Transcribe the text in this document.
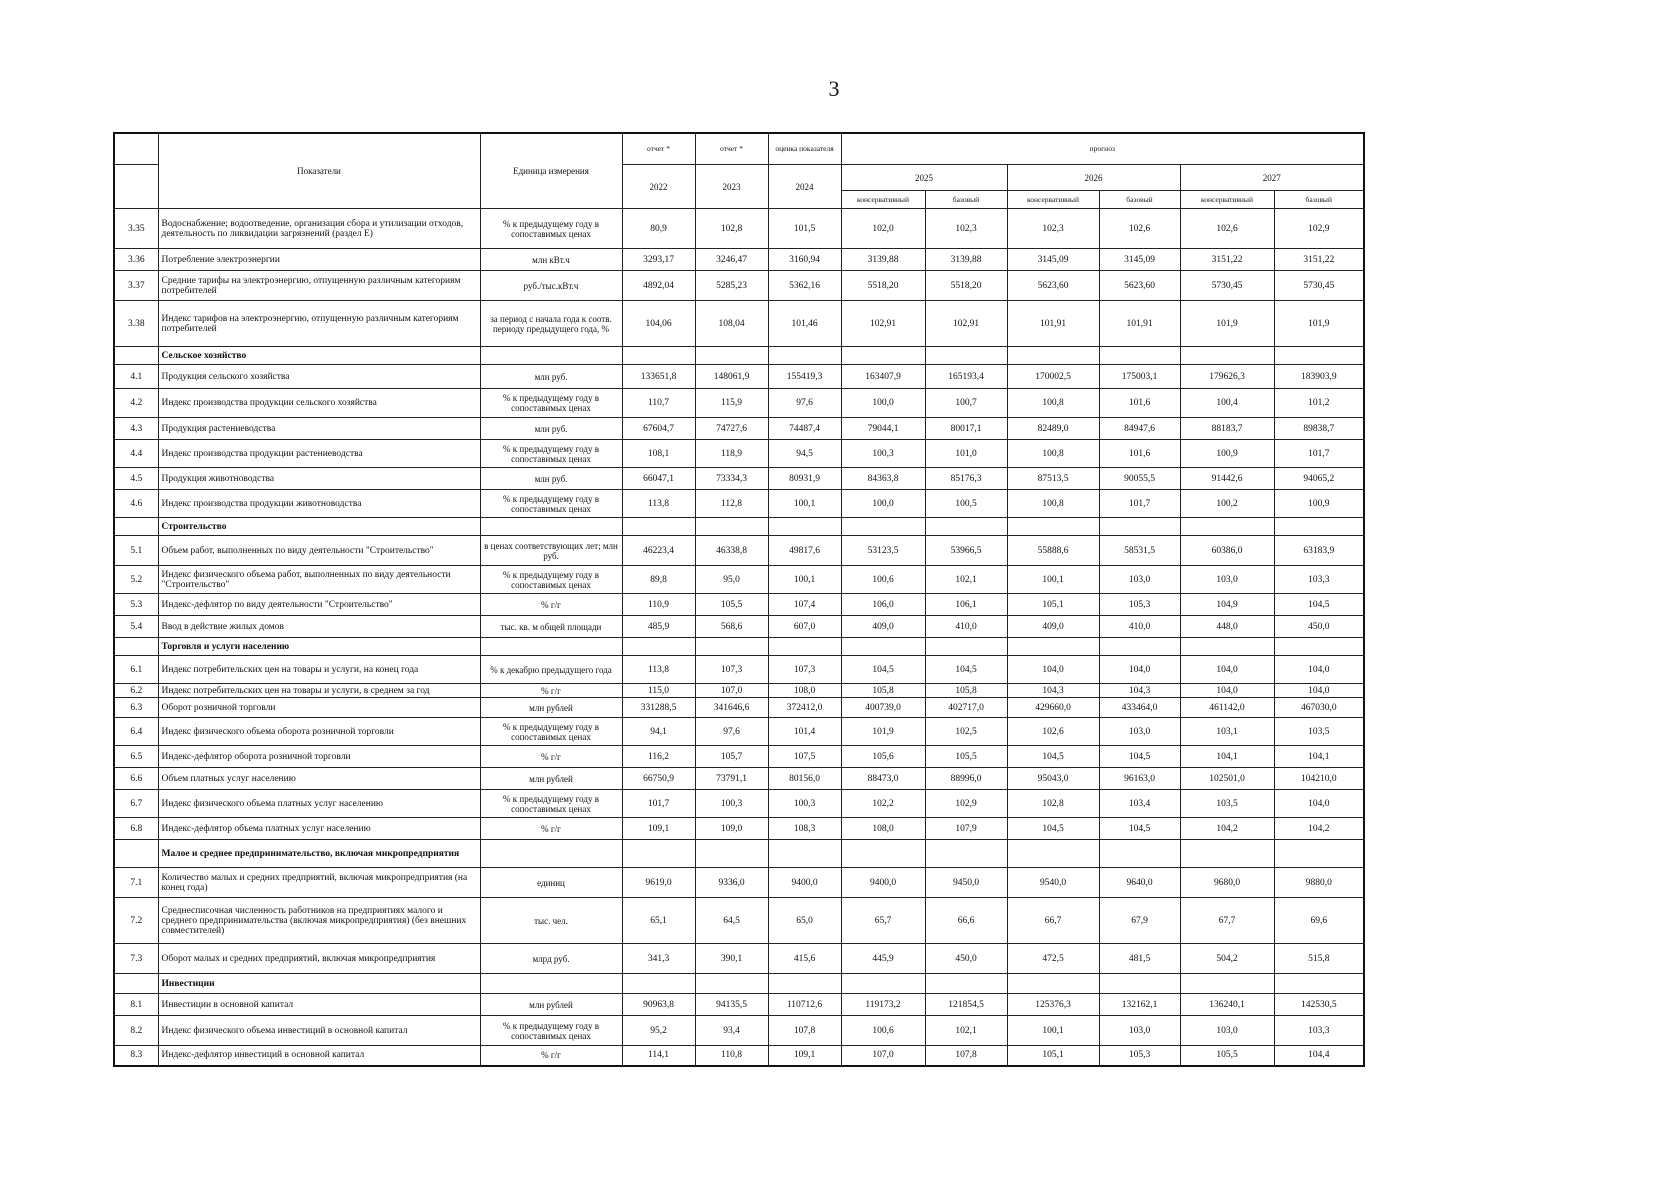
3
	Показатели	Единица измерения	отчет *	отчет *	оценка показателя	прогноз					
			2022	2023	2024	2025		2026		2027	
						консервативный	базовый	консервативный	базовый	консервативный	базовый
3.35	Водоснабжение; водоотведение, организация сбора и утилизации отходов, деятельность по ликвидации загрязнений (раздел Е)	% к предыдущему году в сопоставимых ценах	80,9	102,8	101,5	102,0	102,3	102,3	102,6	102,6	102,9
3.36	Потребление электроэнергии	млн кВт.ч	3293,17	3246,47	3160,94	3139,88	3139,88	3145,09	3145,09	3151,22	3151,22
3.37	Средние тарифы на электроэнергию, отпущенную различным категориям потребителей	руб./тыс.кВт.ч	4892,04	5285,23	5362,16	5518,20	5518,20	5623,60	5623,60	5730,45	5730,45
3.38	Индекс тарифов на электроэнергию, отпущенную различным категориям потребителей	за период с начала года к соотв. периоду предыдущего года, %	104,06	108,04	101,46	102,91	102,91	101,91	101,91	101,9	101,9
	Сельское хозяйство										
4.1	Продукция сельского хозяйства	млн руб.	133651,8	148061,9	155419,3	163407,9	165193,4	170002,5	175003,1	179626,3	183903,9
4.2	Индекс производства продукции сельского хозяйства	% к предыдущему году в сопоставимых ценах	110,7	115,9	97,6	100,0	100,7	100,8	101,6	100,4	101,2
4.3	Продукция растениеводства	млн руб.	67604,7	74727,6	74487,4	79044,1	80017,1	82489,0	84947,6	88183,7	89838,7
4.4	Индекс производства продукции растениеводства	% к предыдущему году в сопоставимых ценах	108,1	118,9	94,5	100,3	101,0	100,8	101,6	100,9	101,7
4.5	Продукция животноводства	млн руб.	66047,1	73334,3	80931,9	84363,8	85176,3	87513,5	90055,5	91442,6	94065,2
4.6	Индекс производства продукции животноводства	% к предыдущему году в сопоставимых ценах	113,8	112,8	100,1	100,0	100,5	100,8	101,7	100,2	100,9
	Строительство										
5.1	Объем работ, выполненных по виду деятельности "Строительство"	в ценах соответствующих лет; млн руб.	46223,4	46338,8	49817,6	53123,5	53966,5	55888,6	58531,5	60386,0	63183,9
5.2	Индекс физического объема работ, выполненных по виду деятельности "Строительство"	% к предыдущему году в сопоставимых ценах	89,8	95,0	100,1	100,6	102,1	100,1	103,0	103,0	103,3
5.3	Индекс-дефлятор по виду деятельности "Строительство"	% г/г	110,9	105,5	107,4	106,0	106,1	105,1	105,3	104,9	104,5
5.4	Ввод в действие жилых домов	тыс. кв. м общей площади	485,9	568,6	607,0	409,0	410,0	409,0	410,0	448,0	450,0
	Торговля и услуги населению										
6.1	Индекс потребительских цен на товары и услуги, на конец года	% к декабрю предыдущего года	113,8	107,3	107,3	104,5	104,5	104,0	104,0	104,0	104,0
6.2	Индекс потребительских цен на товары и услуги, в среднем за год	% г/г	115,0	107,0	108,0	105,8	105,8	104,3	104,3	104,0	104,0
6.3	Оборот розничной торговли	млн рублей	331288,5	341646,6	372412,0	400739,0	402717,0	429660,0	433464,0	461142,0	467030,0
6.4	Индекс физического объема оборота розничной торговли	% к предыдущему году в сопоставимых ценах	94,1	97,6	101,4	101,9	102,5	102,6	103,0	103,1	103,5
6.5	Индекс-дефлятор оборота розничной торговли	% г/г	116,2	105,7	107,5	105,6	105,5	104,5	104,5	104,1	104,1
6.6	Объем платных услуг населению	млн рублей	66750,9	73791,1	80156,0	88473,0	88996,0	95043,0	96163,0	102501,0	104210,0
6.7	Индекс физического объема платных услуг населению	% к предыдущему году в сопоставимых ценах	101,7	100,3	100,3	102,2	102,9	102,8	103,4	103,5	104,0
6.8	Индекс-дефлятор объема платных услуг населению	% г/г	109,1	109,0	108,3	108,0	107,9	104,5	104,5	104,2	104,2
	Малое и среднее предпринимательство, включая микропредприятия										
7.1	Количество малых и средних предприятий, включая микропредприятия (на конец года)	единиц	9619,0	9336,0	9400,0	9400,0	9450,0	9540,0	9640,0	9680,0	9880,0
7.2	Среднесписочная численность работников на предприятиях малого и среднего предпринимательства (включая микропредприятия) (без внешних совместителей)	тыс. чел.	65,1	64,5	65,0	65,7	66,6	66,7	67,9	67,7	69,6
7.3	Оборот малых и средних предприятий, включая микропредприятия	млрд руб.	341,3	390,1	415,6	445,9	450,0	472,5	481,5	504,2	515,8
	Инвестиции										
8.1	Инвестиции в основной капитал	млн рублей	90963,8	94135,5	110712,6	119173,2	121854,5	125376,3	132162,1	136240,1	142530,5
8.2	Индекс физического объема инвестиций в основной капитал	% к предыдущему году в сопоставимых ценах	95,2	93,4	107,8	100,6	102,1	100,1	103,0	103,0	103,3
8.3	Индекс-дефлятор инвестиций в основной капитал	% г/г	114,1	110,8	109,1	107,0	107,8	105,1	105,3	105,5	104,4
